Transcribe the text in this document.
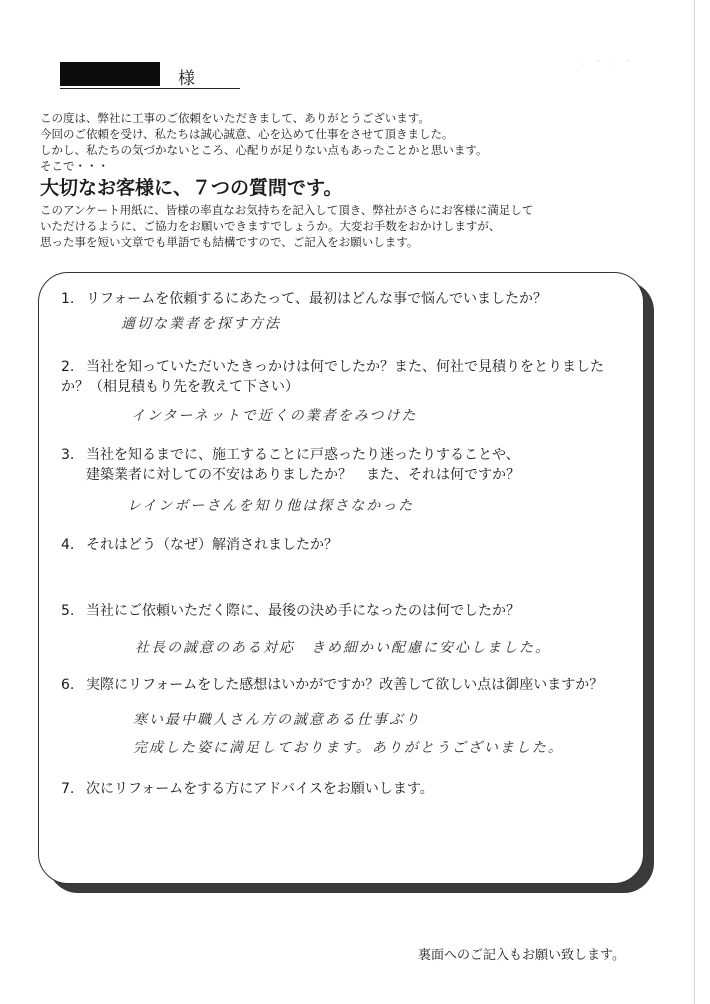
· ˉ · ˉ
様

この度は、弊社に工事のご依頼をいただきまして、ありがとうございます。

今回のご依頼を受け、私たちは誠心誠意、心を込めて仕事をさせて頂きました。

しかし、私たちの気づかないところ、心配りが足りない点もあったことかと思います。

そこで・・・

大切なお客様に、７つの質問です。

このアンケート用紙に、皆様の率直なお気持ちを記入して頂き、弊社がさらにお客様に満足して

いただけるように、ご協力をお願いできますでしょうか。大変お手数をおかけしますが、

思った事を短い文章でも単語でも結構ですので、ご記入をお願いします。

1. リフォームを依頼するにあたって、最初はどんな事で悩んでいましたか？
適切な業者を探す方法
2. 当社を知っていただいたきっかけは何でしたか？また、何社で見積りをとりましたか？（相見積もり先を教えて下さい）
インターネットで近くの業者をみつけた
3. 当社を知るまでに、施工することに戸惑ったり迷ったりすることや、
建築業者に対しての不安はありましたか？　また、それは何ですか？
レインボーさんを知り他は探さなかった
4. それはどう（なぜ）解消されましたか？
5. 当社にご依頼いただく際に、最後の決め手になったのは何でしたか？
社長の誠意のある対応　きめ細かい配慮に安心しました。
6. 実際にリフォームをした感想はいかがですか？改善して欲しい点は御座いますか？
寒い最中職人さん方の誠意ある仕事ぶり
完成した姿に満足しております。ありがとうございました。
7. 次にリフォームをする方にアドバイスをお願いします。
裏面へのご記入もお願い致します。
